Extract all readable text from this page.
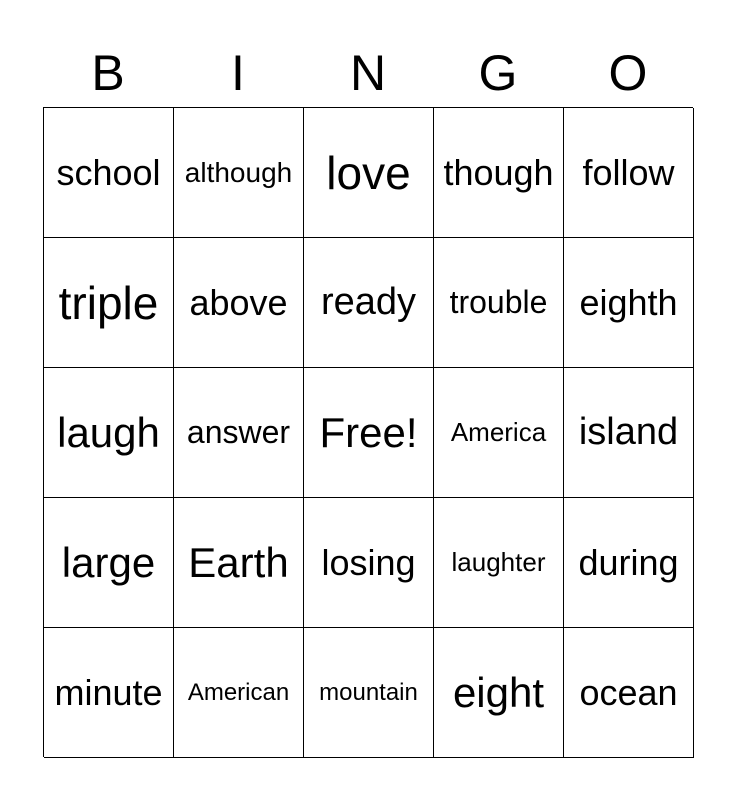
B	I	N	G	O
school although love though follow
triple above ready	trouble eighth
laugh answer Free!	America island
large Earth losing	laughter during
minute	American	mountain eight ocean
